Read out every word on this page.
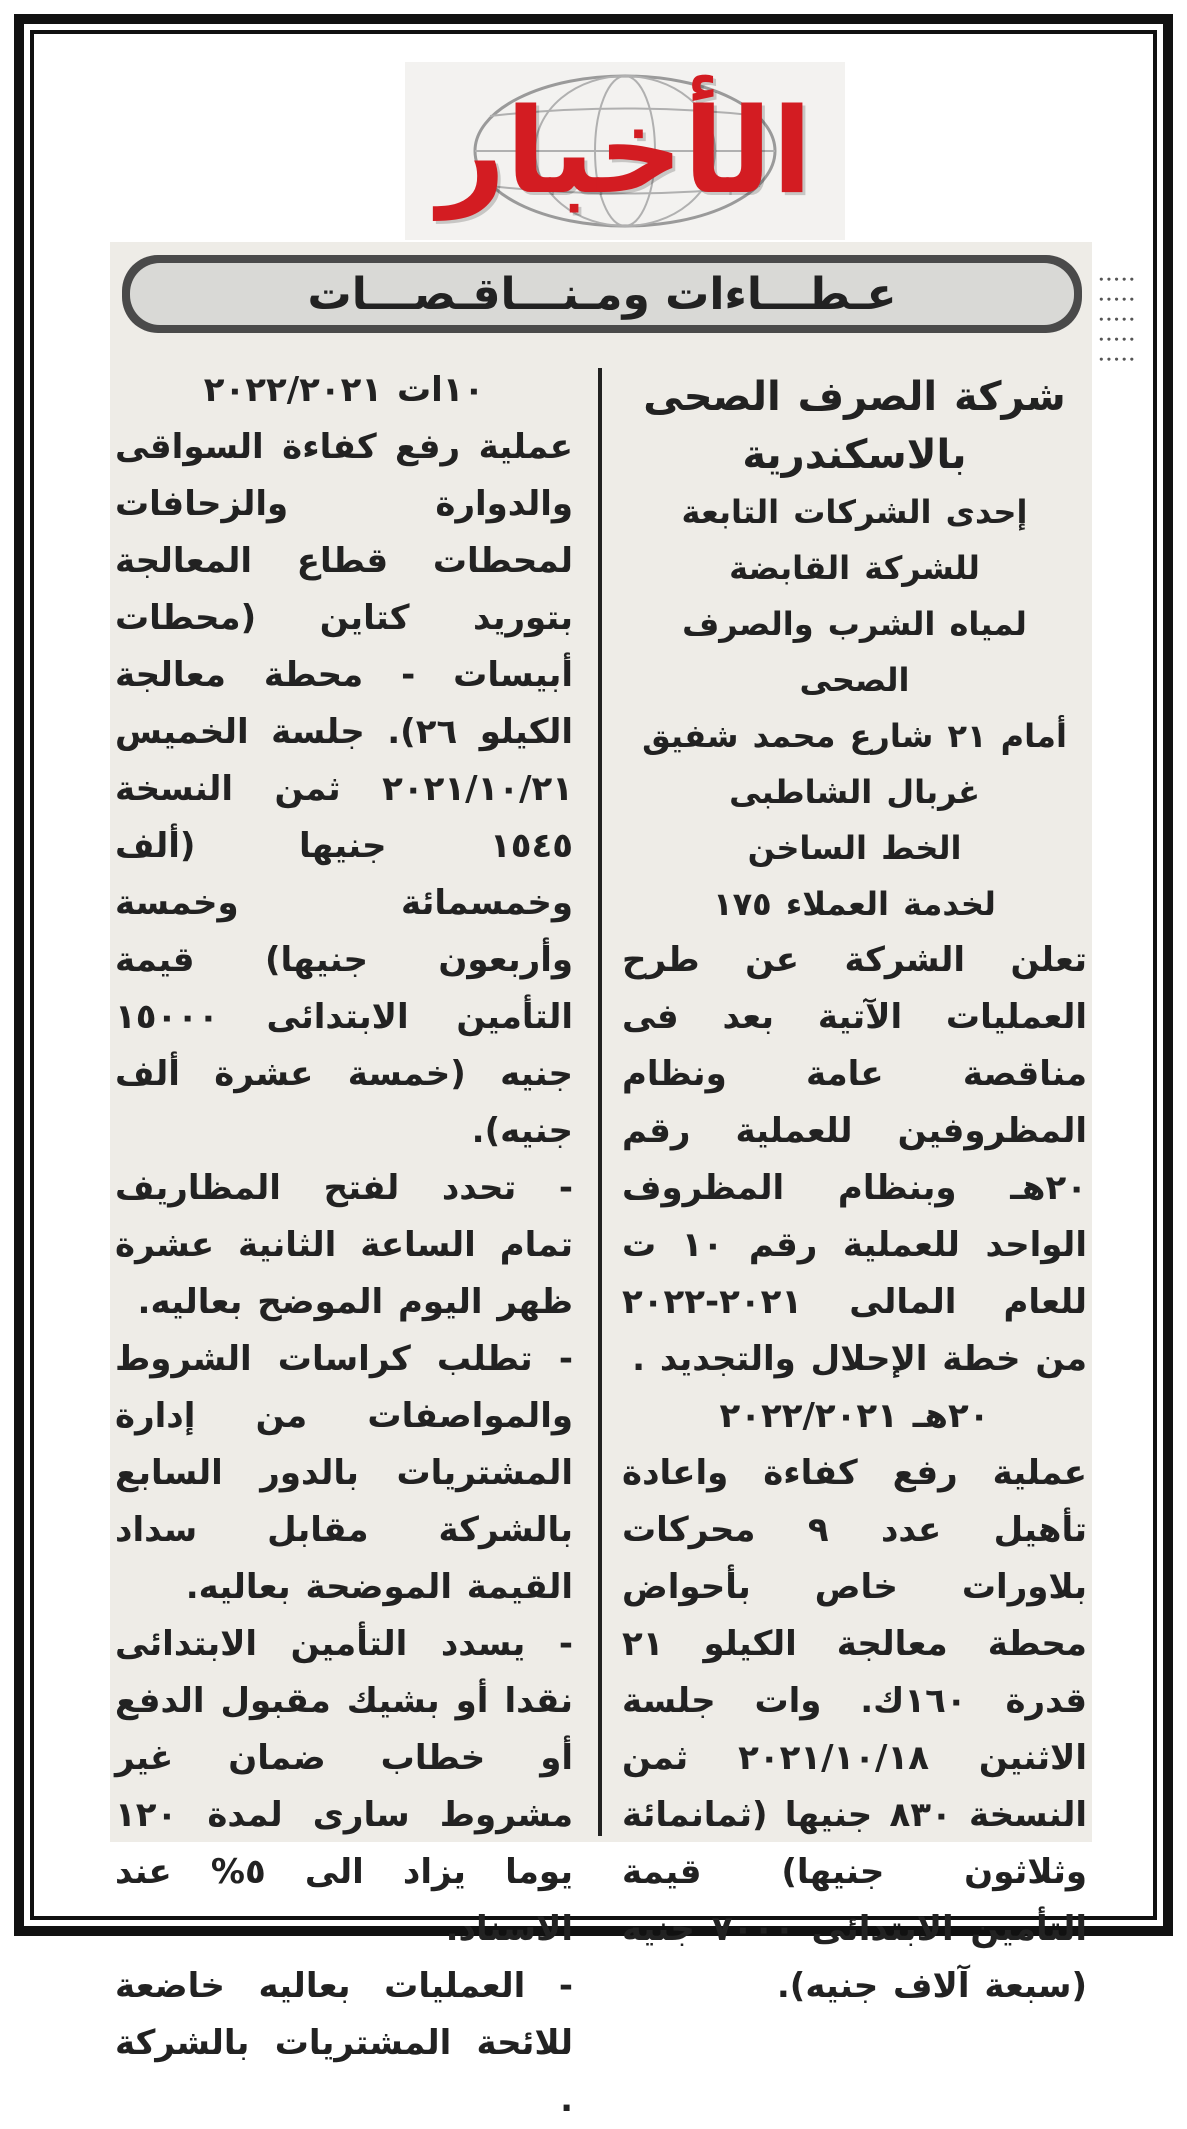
الأخبار
∙∙∙∙∙
∙∙∙∙∙
∙∙∙∙∙
∙∙∙∙∙
∙∙∙∙∙
عـطـــاءات ومـنـــاقـصـــات

شركة الصرف الصحى

بالاسكندرية

إحدى الشركات التابعة

للشركة القابضة

لمياه الشرب والصرف الصحى

أمام ٢١ شارع محمد شفيق

غربال الشاطبى

الخط الساخن

لخدمة العملاء ١٧٥

تعلن الشركة عن طرح العمليات الآتية بعد فى مناقصة عامة ونظام المظروفين للعملية رقم ٢٠هـ وبنظام المظروف الواحد للعملية رقم ١٠ ت للعام المالى ٢٠٢١-٢٠٢٢ من خطة الإحلال والتجديد .

٢٠هـ ٢٠٢٢/٢٠٢١

عملية رفع كفاءة واعادة تأهيل عدد ٩ محركات بلاورات خاص بأحواض محطة معالجة الكيلو ٢١ قدرة ١٦٠ك. وات جلسة الاثنين ٢٠٢١/١٠/١٨ ثمن النسخة ٨٣٠ جنيها (ثمانمائة وثلاثون جنيها) قيمة التأمين الابتدائى ٧٠٠٠ جنيه (سبعة آلاف جنيه).

١٠ات ٢٠٢٢/٢٠٢١

عملية رفع كفاءة السواقى والدوارة والزحافات لمحطات قطاع المعالجة بتوريد كتاين (محطات أبيسات - محطة معالجة الكيلو ٢٦). جلسة الخميس ٢٠٢١/١٠/٢١ ثمن النسخة ١٥٤٥ جنيها (ألف وخمسمائة وخمسة وأربعون جنيها) قيمة التأمين الابتدائى ١٥٠٠٠ جنيه (خمسة عشرة ألف جنيه).

- تحدد لفتح المظاريف تمام الساعة الثانية عشرة ظهر اليوم الموضح بعاليه.

- تطلب كراسات الشروط والمواصفات من إدارة المشتريات بالدور السابع بالشركة مقابل سداد القيمة الموضحة بعاليه.

- يسدد التأمين الابتدائى نقدا أو بشيك مقبول الدفع أو خطاب ضمان غير مشروط سارى لمدة ١٢٠ يوما يزاد الى ٥% عند الاسناد.

- العمليات بعاليه خاضعة للائحة المشتريات بالشركة .
